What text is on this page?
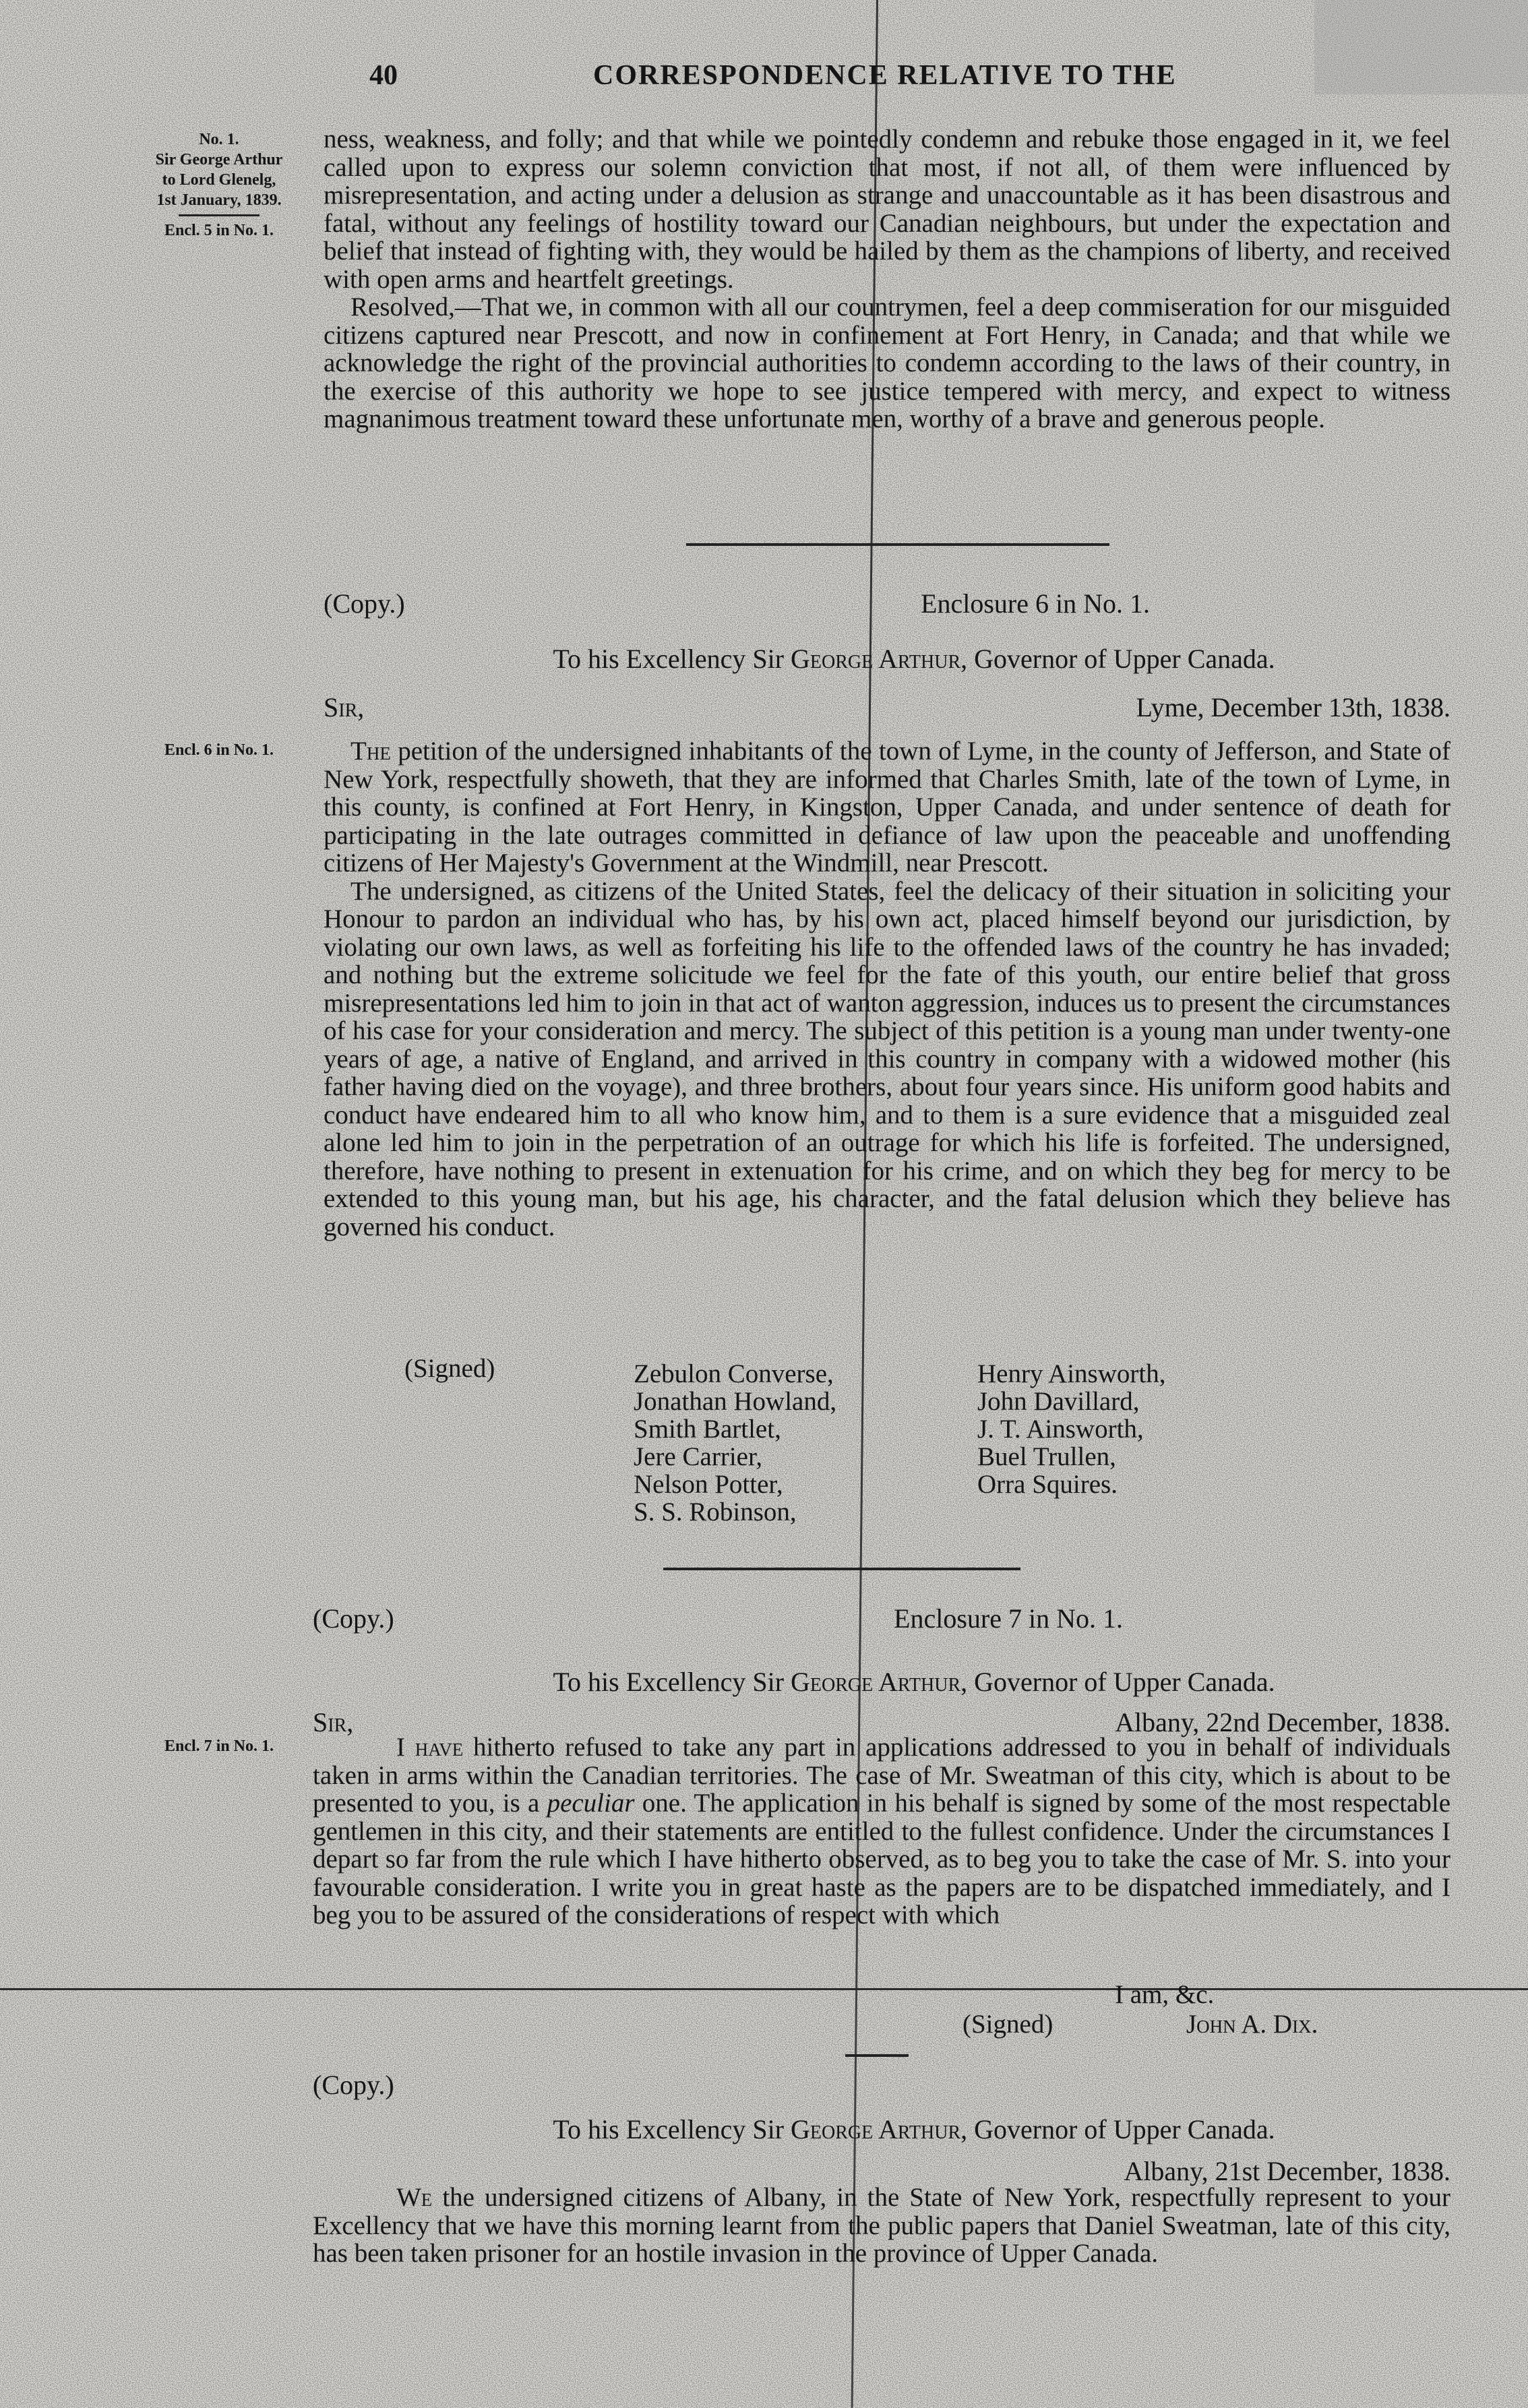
40	CORRESPONDENCE RELATIVE TO THE
No. 1.
Sir George Arthur
to Lord Glenelg,
1st January, 1839.
Encl. 5 in No. 1.
Encl. 6 in No. 1.
Encl. 7 in No. 1.

ness, weakness, and folly; and that while we pointedly condemn and rebuke those engaged in it, we feel called upon to express our solemn conviction that most, if not all, of them were influenced by misrepresentation, and acting under a delusion as strange and unaccountable as it has been disastrous and fatal, without any feelings of hostility toward our Canadian neighbours, but under the expectation and belief that instead of fighting with, they would be hailed by them as the champions of liberty, and received with open arms and heartfelt greetings.

Resolved,—That we, in common with all our countrymen, feel a deep commiseration for our misguided citizens captured near Prescott, and now in confinement at Fort Henry, in Canada; and that while we acknowledge the right of the provincial authorities to condemn according to the laws of their country, in the exercise of this authority we hope to see justice tempered with mercy, and expect to witness magnanimous treatment toward these unfortunate men, worthy of a brave and generous people.

(Copy.)	Enclosure 6 in No. 1.
To his Excellency Sir George Arthur, Governor of Upper Canada.
Sir,	Lyme, December 13th, 1838.

The petition of the undersigned inhabitants of the town of Lyme, in the county of Jefferson, and State of New York, respectfully showeth, that they are informed that Charles Smith, late of the town of Lyme, in this county, is confined at Fort Henry, in Kingston, Upper Canada, and under sentence of death for participating in the late outrages committed in defiance of law upon the peaceable and unoffending citizens of Her Majesty's Government at the Windmill, near Prescott.

The undersigned, as citizens of the United States, feel the delicacy of their situation in soliciting your Honour to pardon an individual who has, by his own act, placed himself beyond our jurisdiction, by violating our own laws, as well as forfeiting his life to the offended laws of the country he has invaded; and nothing but the extreme solicitude we feel for the fate of this youth, our entire belief that gross misrepresentations led him to join in that act of wanton aggression, induces us to present the circumstances of his case for your consideration and mercy. The subject of this petition is a young man under twenty-one years of age, a native of England, and arrived in this country in company with a widowed mother (his father having died on the voyage), and three brothers, about four years since. His uniform good habits and conduct have endeared him to all who know him, and to them is a sure evidence that a misguided zeal alone led him to join in the perpetration of an outrage for which his life is forfeited. The undersigned, therefore, have nothing to present in extenuation for his crime, and on which they beg for mercy to be extended to this young man, but his age, his character, and the fatal delusion which they believe has governed his conduct.

(Signed)	Zebulon Converse,
Jonathan Howland,
Smith Bartlet,
Jere Carrier,
Nelson Potter,
S. S. Robinson,
Henry Ainsworth,
John Davillard,
J. T. Ainsworth,
Buel Trullen,
Orra Squires.
(Copy.)	Enclosure 7 in No. 1.
To his Excellency Sir George Arthur, Governor of Upper Canada.
Sir,	Albany, 22nd December, 1838.

I have hitherto refused to take any part in applications addressed to you in behalf of individuals taken in arms within the Canadian territories. The case of Mr. Sweatman of this city, which is about to be presented to you, is a peculiar one. The application in his behalf is signed by some of the most respectable gentlemen in this city, and their statements are entitled to the fullest confidence. Under the circumstances I depart so far from the rule which I have hitherto observed, as to beg you to take the case of Mr. S. into your favourable consideration. I write you in great haste as the papers are to be dispatched immediately, and I beg you to be assured of the considerations of respect with which

I am, &c.
(Signed)	John A. Dix.
(Copy.)
To his Excellency Sir George Arthur, Governor of Upper Canada.
Albany, 21st December, 1838.

We the undersigned citizens of Albany, in the State of New York, respectfully represent to your Excellency that we have this morning learnt from the public papers that Daniel Sweatman, late of this city, has been taken prisoner for an hostile invasion in the province of Upper Canada.
